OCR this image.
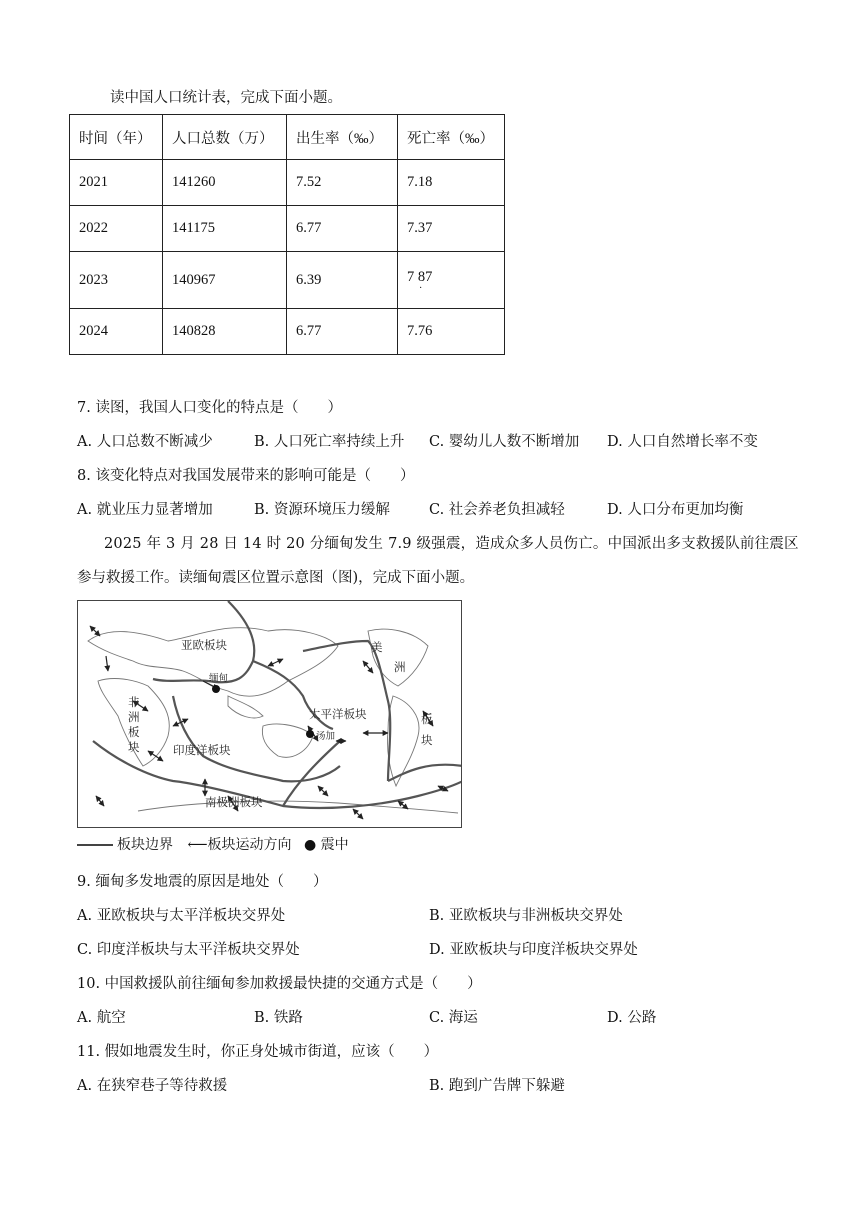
读中国人口统计表，完成下面小题。
时间（年）	人口总数（万）	出生率（‰）	死亡率（‰）
2021	141260	7.52	7.18
2022	141175	6.77	7.37
2023	140967	6.39	7 87
·

2024	140828	6.77	7.76
7. 读图，我国人口变化的特点是（　　）
A. 人口总数不断减少	B. 人口死亡率持续上升 C. 婴幼儿人数不断增加 D. 人口自然增长率不变
8. 该变化特点对我国发展带来的影响可能是（　　）
A. 就业压力显著增加	B. 资源环境压力缓解	C. 社会养老负担减轻	D. 人口分布更加均衡
2025 年 3 月 28 日 14 时 20 分缅甸发生 7.9 级强震，造成众多人员伤亡。中国派出多支救援队前往震区
参与救援工作。读缅甸震区位置示意图（图)，完成下面小题。
亚欧板块	美
洲
缅甸
非
洲
板
块
太平洋板块
汤加
印度洋板块
板
块
南极洲板块
板块边界 ⟵板块运动方向 ● 震中
9. 缅甸多发地震的原因是地处（　　）
A. 亚欧板块与太平洋板块交界处	B. 亚欧板块与非洲板块交界处
C. 印度洋板块与太平洋板块交界处	D. 亚欧板块与印度洋板块交界处
10. 中国救援队前往缅甸参加救援最快捷的交通方式是（　　）
A. 航空	B. 铁路	C. 海运	D. 公路
11. 假如地震发生时，你正身处城市街道，应该（　　）
A. 在狭窄巷子等待救援	B. 跑到广告牌下躲避
